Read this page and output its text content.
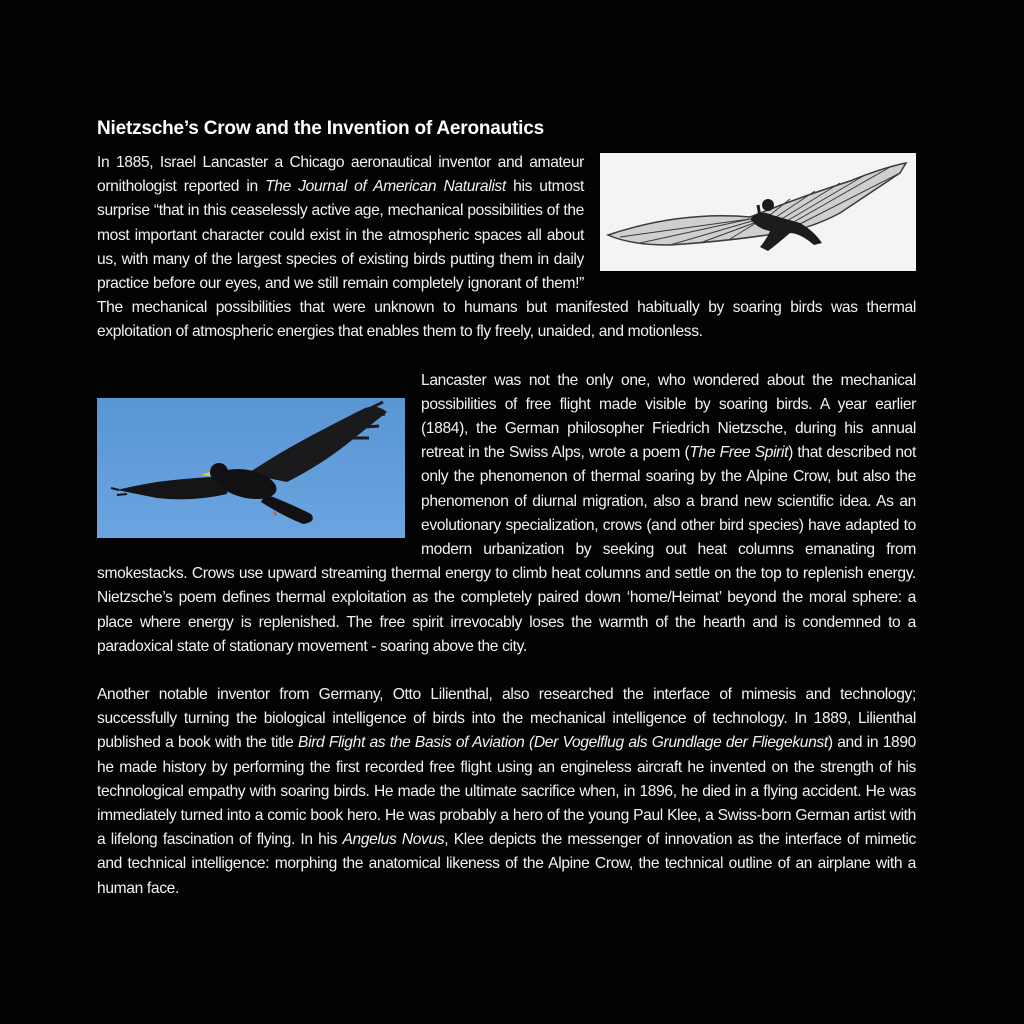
Nietzsche’s Crow and the Invention of Aeronautics

In 1885, Israel Lancaster a Chicago aeronautical inventor and amateur ornithologist reported in The Journal of American Naturalist his utmost surprise “that in this ceaselessly active age, mechanical possibilities of the most important character could exist in the atmospheric spaces all about us, with many of the largest species of existing birds putting them in daily practice before our eyes, and we still remain completely ignorant of them!” The mechanical possibilities that were unknown to humans but manifested habitually by soaring birds was thermal exploitation of atmospheric energies that enables them to fly freely, unaided, and motionless.

Lancaster was not the only one, who wondered about the mechanical possibilities of free flight made visible by soaring birds. A year earlier (1884), the German philosopher Friedrich Nietzsche, during his annual retreat in the Swiss Alps, wrote a poem (The Free Spirit) that described not only the phenomenon of thermal soaring by the Alpine Crow, but also the phenomenon of diurnal migration, also a brand new scientific idea. As an evolutionary specialization, crows (and other bird species) have adapted to modern urbanization by seeking out heat columns emanating from smokestacks. Crows use upward streaming thermal energy to climb heat columns and settle on the top to replenish energy. Nietzsche’s poem defines thermal exploitation as the completely paired down ‘home/Heimat’ beyond the moral sphere: a place where energy is replenished. The free spirit irrevocably loses the warmth of the hearth and is condemned to a paradoxical state of stationary movement - soaring above the city.

Another notable inventor from Germany, Otto Lilienthal, also researched the interface of mimesis and technology; successfully turning the biological intelligence of birds into the mechanical intelligence of technology. In 1889, Lilienthal published a book with the title Bird Flight as the Basis of Aviation (Der Vogelflug als Grundlage der Fliegekunst) and in 1890 he made history by performing the first recorded free flight using an engineless aircraft he invented on the strength of his technological empathy with soaring birds. He made the ultimate sacrifice when, in 1896, he died in a flying accident. He was immediately turned into a comic book hero. He was probably a hero of the young Paul Klee, a Swiss-born German artist with a lifelong fascination of flying. In his Angelus Novus, Klee depicts the messenger of innovation as the interface of mimetic and technical intelligence: morphing the anatomical likeness of the Alpine Crow, the technical outline of an airplane with a human face.
